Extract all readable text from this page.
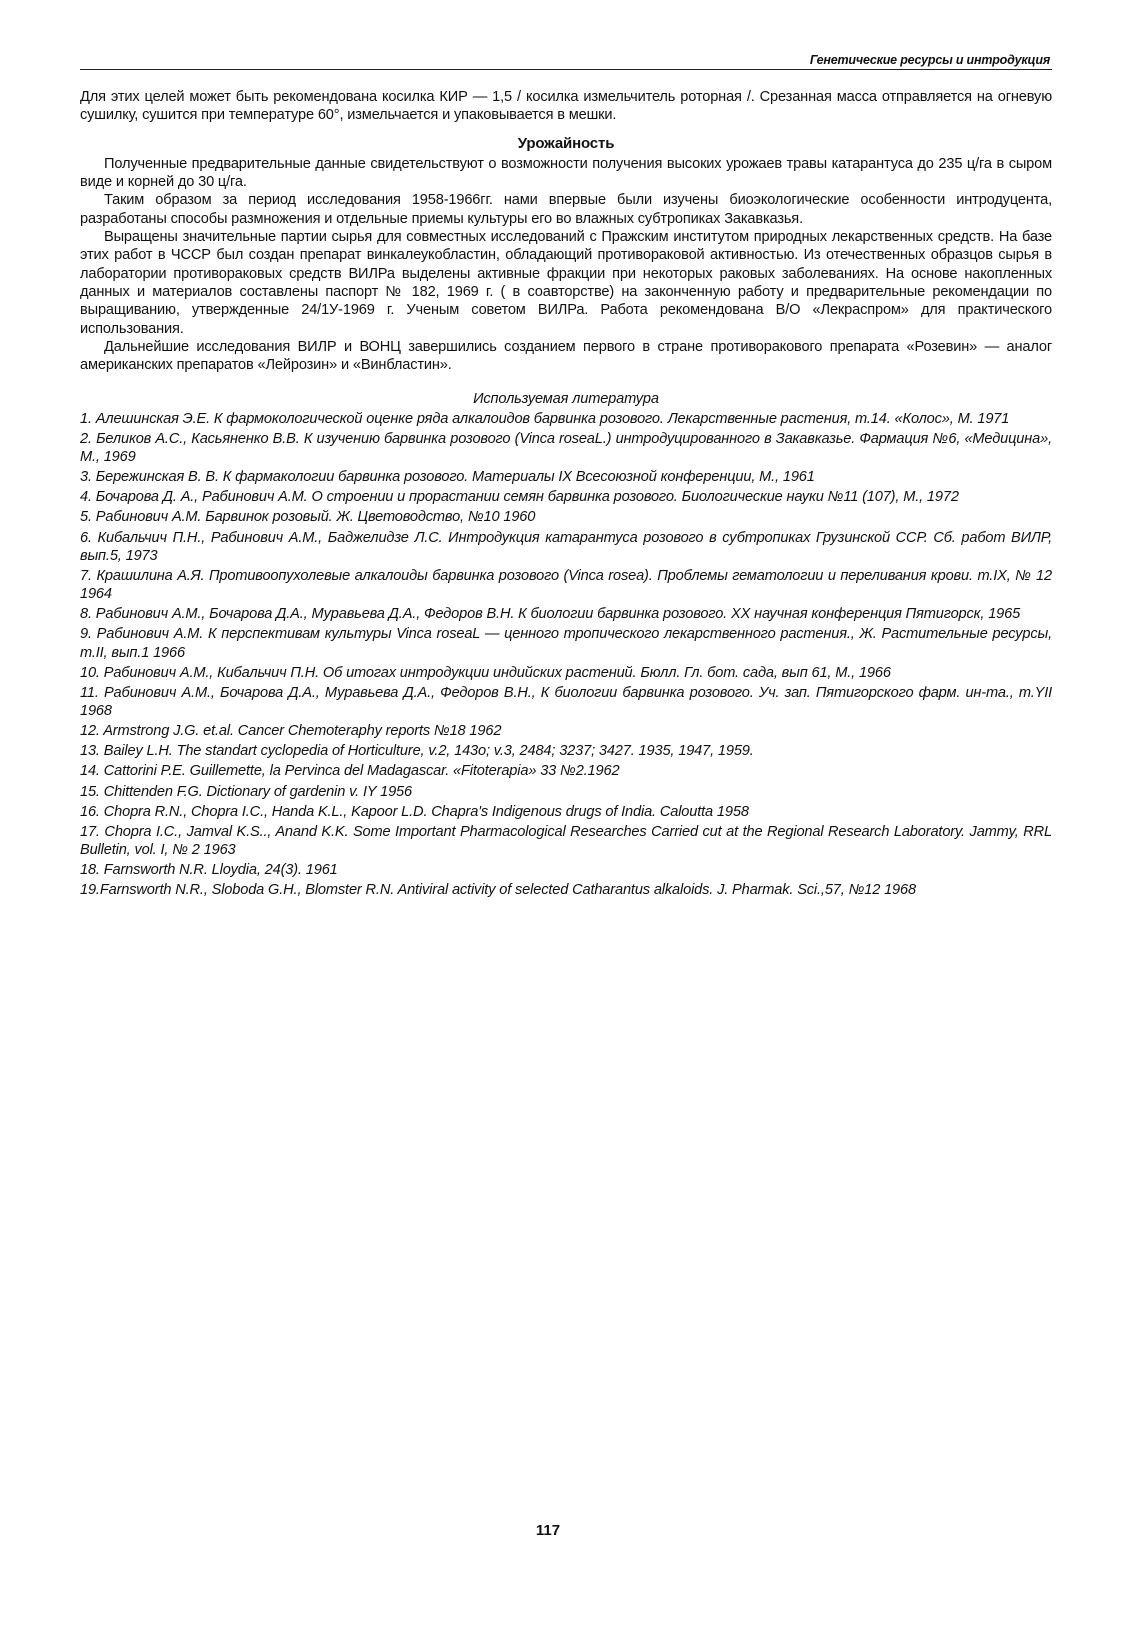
Генетические ресурсы и интродукция

Для этих целей может быть рекомендована косилка КИР — 1,5 / косилка измельчитель роторная /. Срезанная масса отправляется на огневую сушилку, сушится при температуре 60°, измельчается и упаковывается в мешки.

Урожайность

Полученные предварительные данные свидетельствуют о возможности получения высоких урожаев травы катарантуса до 235 ц/га в сыром виде и корней до 30 ц/га.

Таким образом за период исследования 1958-1966гг. нами впервые были изучены биоэкологические особенности интродуцента, разработаны способы размножения и отдельные приемы культуры его во влажных субтропиках Закавказья.

Выращены значительные партии сырья для совместных исследований с Пражским институтом природных лекарственных средств. На базе этих работ в ЧССР был создан препарат винкалеукобластин, обладающий противораковой активностью. Из отечественных образцов сырья в лаборатории противораковых средств ВИЛРа выделены активные фракции при некоторых раковых заболеваниях. На основе накопленных данных и материалов составлены паспорт № 182, 1969 г. ( в соавторстве) на законченную работу и предварительные рекомендации по выращиванию, утвержденные 24/1У-1969 г. Ученым советом ВИЛРа. Работа рекомендована В/О «Лекраспром» для практического использования.

Дальнейшие исследования ВИЛР и ВОНЦ завершились созданием первого в стране противоракового препарата «Розевин» — аналог американских препаратов «Лейрозин» и «Винбластин».

Используемая литература
1. Алешинская Э.Е. К фармокологической оценке ряда алкалоидов барвинка розового. Лекарственные растения, т.14. «Колос», М. 1971
2. Беликов А.С., Касьяненко В.В. К изучению барвинка розового (Vinca roseaL.) интродуцированного в Закавказье. Фармация №6, «Медицина», М., 1969
3. Бережинская В. В. К фармакологии барвинка розового. Материалы IX Всесоюзной конференции, М., 1961
4. Бочарова Д. А., Рабинович А.М. О строении и прорастании семян барвинка розового. Биологические науки №11 (107), М., 1972
5. Рабинович А.М. Барвинок розовый. Ж. Цветоводство, №10 1960
6. Кибальчич П.Н., Рабинович А.М., Баджелидзе Л.С. Интродукция катарантуса розового в субтропиках Грузинской ССР. Сб. работ ВИЛР, вып.5, 1973
7. Крашилина А.Я. Противоопухолевые алкалоиды барвинка розового (Vinca rosea). Проблемы гематологии и переливания крови. т.IX, № 12 1964
8. Рабинович А.М., Бочарова Д.А., Муравьева Д.А., Федоров В.Н. К биологии барвинка розового. XX научная конференция Пятигорск, 1965
9. Рабинович А.М. К перспективам культуры Vinca roseaL — ценного тропического лекарственного растения., Ж. Растительные ресурсы, т.II, вып.1 1966
10. Рабинович А.М., Кибальчич П.Н. Об итогах интродукции индийских растений. Бюлл. Гл. бот. сада, вып 61, М., 1966
11. Рабинович А.М., Бочарова Д.А., Муравьева Д.А., Федоров В.Н., К биологии барвинка розового. Уч. зап. Пятигорского фарм. ин-та., т.YII 1968
12. Armstrong J.G. et.al. Cancer Chemoteraphy reports №18 1962
13. Bailey L.H. The standart cyclopedia of Horticulture, v.2, 143o; v.3, 2484; 3237; 3427. 1935, 1947, 1959.
14. Cattorini P.E. Guillemette, la Pervinca del Madagascar. «Fitoterapia» 33 №2.1962
15. Chittenden F.G. Dictionary of gardenin v. IY 1956
16. Chopra R.N., Chopra I.C., Handa K.L., Kapoor L.D. Chapra's Indigenous drugs of India. Caloutta 1958
17. Chopra I.C., Jamval K.S.., Anand K.K. Some Important Pharmacological Researches Carried cut at the Regional Research Laboratory. Jammy, RRL Bulletin, vol. I, № 2 1963
18. Farnsworth N.R. Lloydia, 24(3). 1961
19.Farnsworth N.R., Sloboda G.H., Blomster R.N. Antiviral activity of selected Catharantus alkaloids. J. Pharmak. Sci.,57, №12 1968
117
